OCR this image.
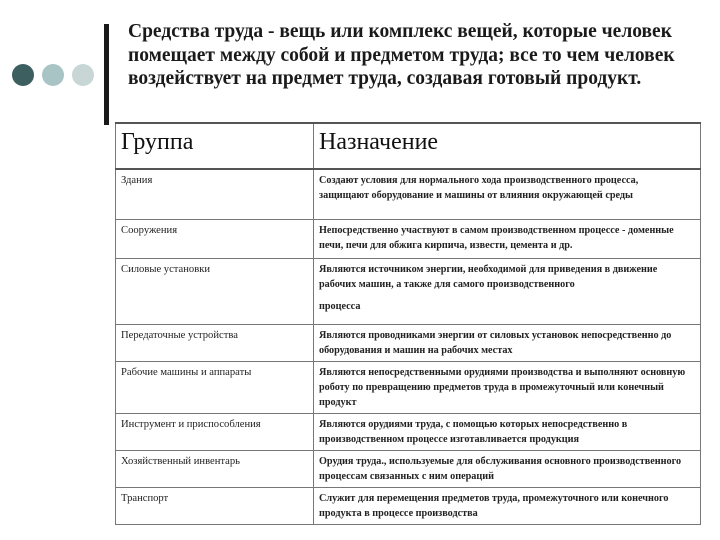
Средства труда - вещь или комплекс вещей, которые человек помещает между собой и предметом труда; все то чем человек воздействует на предмет труда, создавая готовый продукт.

Группа	Назначение
Здания	Создают условия для нормального хода производственного процесса, защищают оборудование и машины от влияния окружающей среды
Сооружения	Непосредственно участвуют в самом производственном процессе - доменные печи, печи для обжига кирпича, извести, цемента и др.
Силовые установки	Являются источником энергии, необходимой для приведения в движение рабочих машин, а также для самого производственного
процесса

Передаточные устройства	Являются проводниками энергии от силовых установок непосредственно до оборудования и машин на рабочих местах
Рабочие машины и аппараты	Являются непосредственными орудиями производства и выполняют основную роботу по превращению предметов труда в промежуточный или конечный продукт
Инструмент и приспособления	Являются орудиями труда, с помощью которых непосредственно в производственном процессе изготавливается продукция
Хозяйственный инвентарь	Орудия труда., используемые для обслуживания основного производственного процессам связанных с ним операций
Транспорт	Служит для перемещения предметов труда, промежуточного или конечного продукта в процессе производства
